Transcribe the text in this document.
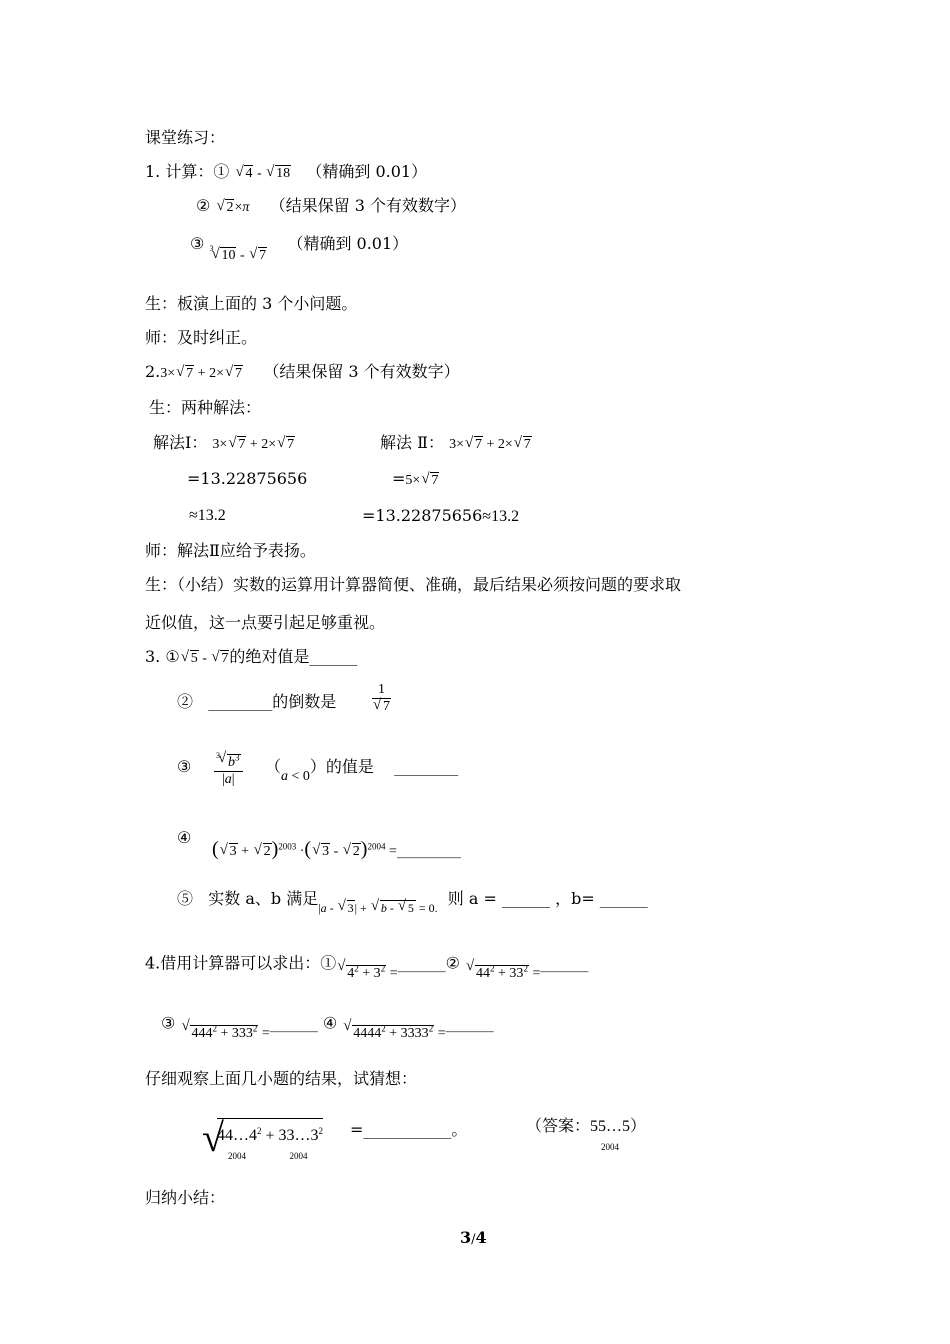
课堂练习：
1. 计算：① √ 4 - √ 18 （精确到 0.01）
② √ 2×π （结果保留 3 个有效数字）
③ $^3$ √ 10 - √ 7    （精确到 0.01）
生：板演上面的 3 个小问题。
师：及时纠正。
2.3× √ 7 + 2× √ 7 （结果保留 3 个有效数字）
生：两种解法：
解法Ⅰ： 3× √ 7 + 2× √ 7	解法 Ⅱ： 3× √ 7 + 2× √ 7
=13.22875656	=5× √ 7
≈13.2	=13.22875656≈13.2
师：解法Ⅱ应给予表扬。
生：（小结）实数的运算用计算器简便、准确，最后结果必须按问题的要求取
近似值，这一点要引起足够重视。
3. ① √ 5 - √ 7的绝对值是______
② ________的倒数是	1
√ 7
③	$\frac{^3 √ b^3}{|a|} (a < 0)$的值是 ________
④
( √ 3 + √ 2)$^{2003}$ ·( √ 3 - √ 2)$^{2004}$ =________
⑤ 实数 a、b 满足$_{|a - √ 3| + √ b - √ 5 = 0.}$ 则 a = ______ ，b= ______
4.借用计算器可以求出：①√ $4^2 + 3^2$ =______② √ $44^2 + 33^2$ =______
③ √ $444^2 + 333^2$ =______ ④ √ $4444^2 + 3333^2$ =______
仔细观察上面几小题的结果，试猜想：
√
44…4
2004
$^2$ + 33…3
2004
$^2$ =___________。	（答案：55…5
2004
）
归纳小结：
3/4
